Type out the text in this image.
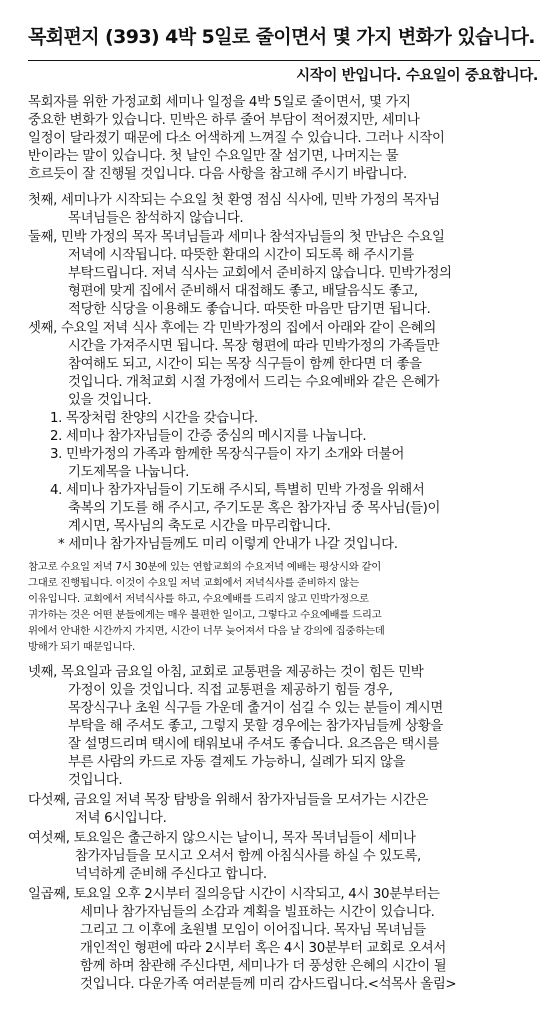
목회편지 (393) 4박 5일로 줄이면서 몇 가지 변화가 있습니다.
시작이 반입니다. 수요일이 중요합니다.
목회자를 위한 가정교회 세미나 일정을 4박 5일로 줄이면서, 몇 가지
중요한 변화가 있습니다. 민박은 하루 줄어 부담이 적어졌지만, 세미나
일정이 달라졌기 때문에 다소 어색하게 느껴질 수 있습니다. 그러나 시작이
반이라는 말이 있습니다. 첫 날인 수요일만 잘 섬기면, 나머지는 물
흐르듯이 잘 진행될 것입니다. 다음 사항을 참고해 주시기 바랍니다.
첫째, 세미나가 시작되는 수요일 첫 환영 점심 식사에, 민박 가정의 목자님
목녀님들은 참석하지 않습니다.
둘째, 민박 가정의 목자 목녀님들과 세미나 참석자님들의 첫 만남은 수요일
저녁에 시작됩니다. 따뜻한 환대의 시간이 되도록 해 주시기를
부탁드립니다. 저녁 식사는 교회에서 준비하지 않습니다. 민박가정의
형편에 맞게 집에서 준비해서 대접해도 좋고, 배달음식도 좋고,
적당한 식당을 이용해도 좋습니다. 따뜻한 마음만 담기면 됩니다.
셋째, 수요일 저녁 식사 후에는 각 민박가정의 집에서 아래와 같이 은혜의
시간을 가져주시면 됩니다. 목장 형편에 따라 민박가정의 가족들만
참여해도 되고, 시간이 되는 목장 식구들이 함께 한다면 더 좋을
것입니다. 개척교회 시절 가정에서 드리는 수요예배와 같은 은혜가
있을 것입니다.
1. 목장처럼 찬양의 시간을 갖습니다.
2. 세미나 참가자님들이 간증 중심의 메시지를 나눕니다.
3. 민박가정의 가족과 함께한 목장식구들이 자기 소개와 더불어
기도제목을 나눕니다.
4. 세미나 참가자님들이 기도해 주시되, 특별히 민박 가정을 위해서
축복의 기도를 해 주시고, 주기도문 혹은 참가자님 중 목사님(들)이
계시면, 목사님의 축도로 시간을 마무리합니다.
* 세미나 참가자님들께도 미리 이렇게 안내가 나갈 것입니다.
참고로 수요일 저녁 7시 30분에 있는 연합교회의 수요저녁 예배는 평상시와 같이
그대로 진행됩니다. 이것이 수요일 저녁 교회에서 저녁식사를 준비하지 않는
이유입니다. 교회에서 저녁식사를 하고, 수요예배를 드리지 않고 민박가정으로
귀가하는 것은 어떤 분들에게는 매우 불편한 일이고, 그렇다고 수요예배를 드리고
위에서 안내한 시간까지 가지면, 시간이 너무 늦어져서 다음 날 강의에 집중하는데
방해가 되기 때문입니다.
넷째, 목요일과 금요일 아침, 교회로 교통편을 제공하는 것이 힘든 민박
가정이 있을 것입니다. 직접 교통편을 제공하기 힘들 경우,
목장식구나 초원 식구들 가운데 출거이 섬길 수 있는 분들이 계시면
부탁을 해 주셔도 좋고, 그렇지 못할 경우에는 참가자님들께 상황을
잘 설명드리며 택시에 태워보내 주셔도 좋습니다. 요즈음은 택시를
부른 사람의 카드로 자동 결제도 가능하니, 실례가 되지 않을
것입니다.
다섯째, 금요일 저녁 목장 탐방을 위해서 참가자님들을 모셔가는 시간은
저녁 6시입니다.
여섯째, 토요일은 출근하지 않으시는 날이니, 목자 목녀님들이 세미나
참가자님들을 모시고 오셔서 함께 아침식사를 하실 수 있도록,
넉넉하게 준비해 주신다고 합니다.
일곱째, 토요일 오후 2시부터 질의응답 시간이 시작되고, 4시 30분부터는
세미나 참가자님들의 소감과 계획을 빌표하는 시간이 있습니다.
그리고 그 이후에 초원별 모임이 이어집니다. 목자님 목녀님들
개인적인 형편에 따라 2시부터 혹은 4시 30분부터 교회로 오셔서
함께 하며 참관해 주신다면, 세미나가 더 풍성한 은혜의 시간이 될
것입니다. 다운가족 여러분들께 미리 감사드립니다.<석목사 올림>
